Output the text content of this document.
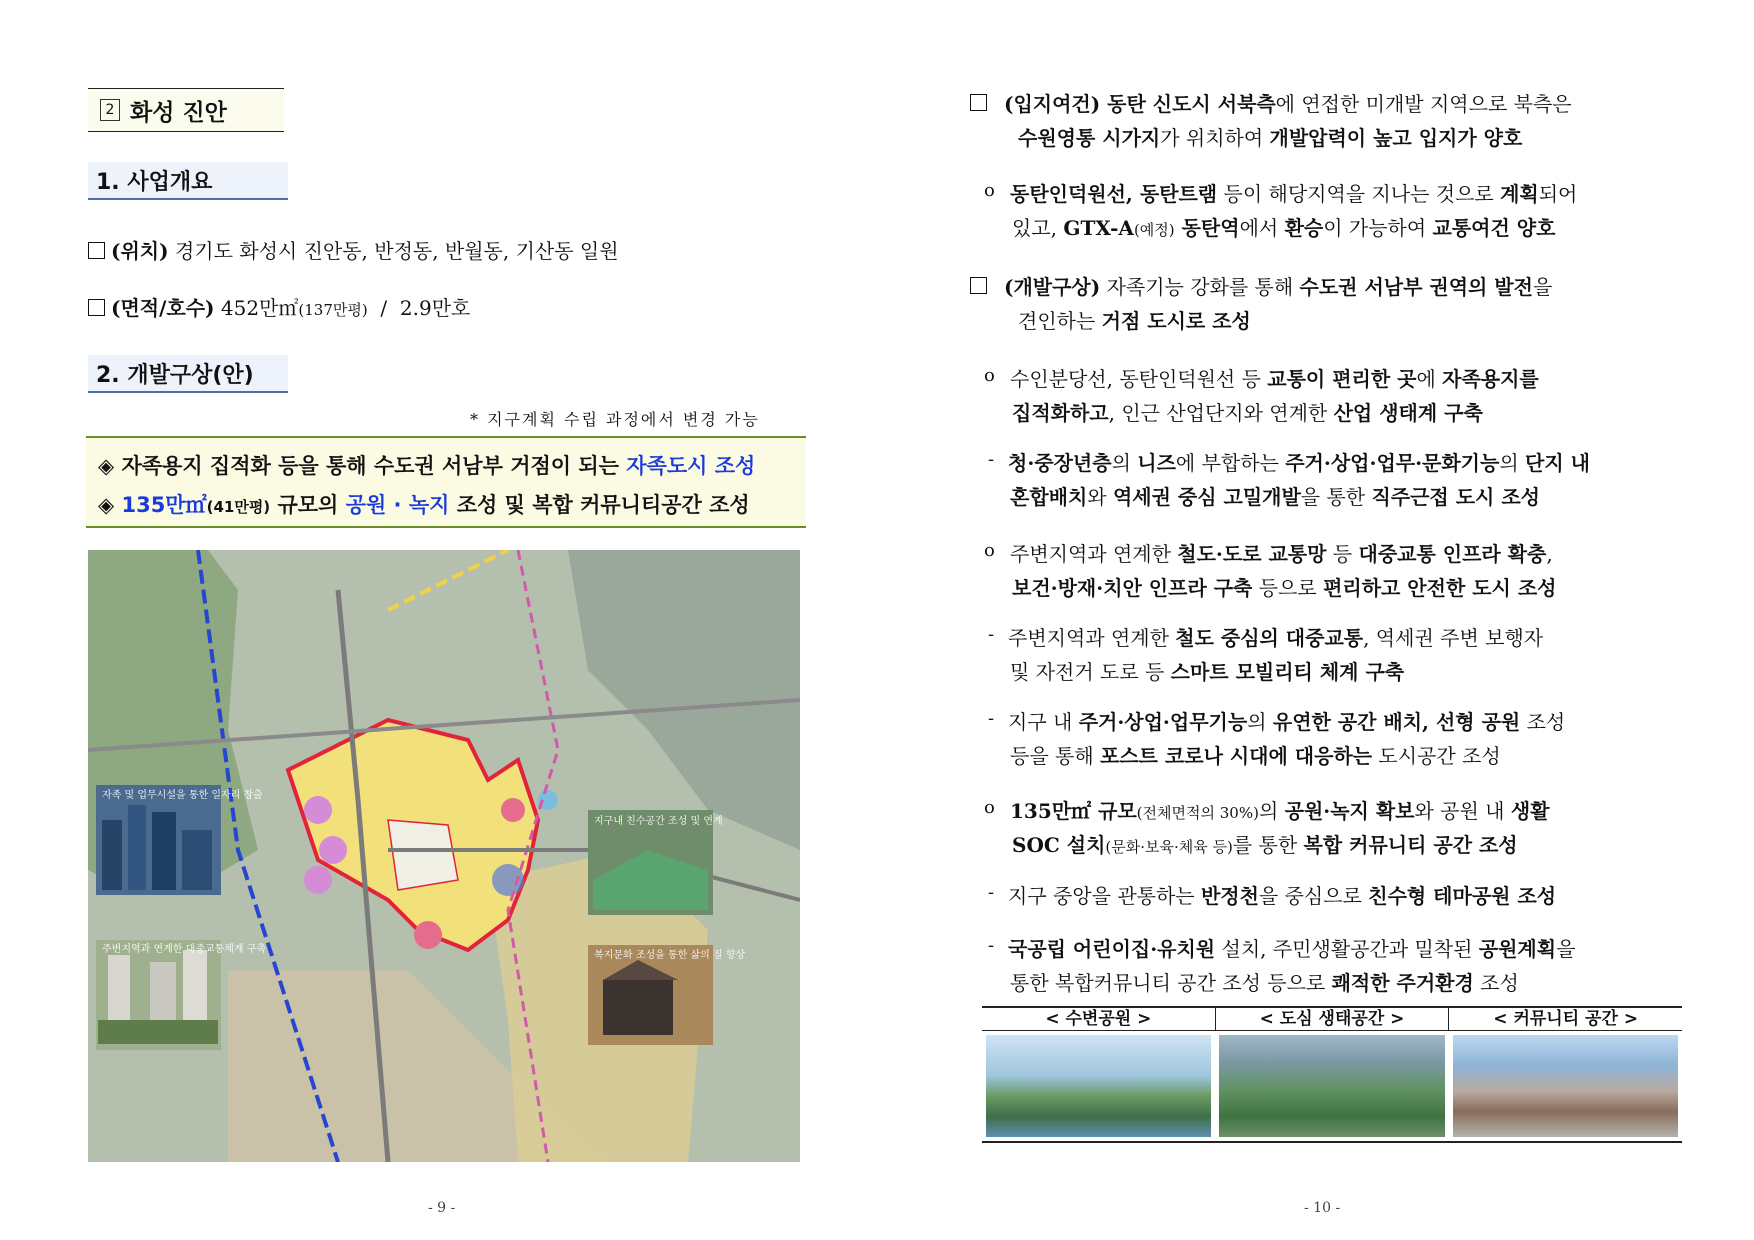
2 화성 진안
1. 사업개요
(위치) 경기도 화성시 진안동, 반정동, 반월동, 기산동 일원
(면적/호수) 452만㎡(137만평) / 2.9만호
2. 개발구상(안)
* 지구계획 수립 과정에서 변경 가능
◈ 자족용지 집적화 등을 통해 수도권 서남부 거점이 되는 자족도시 조성
◈ 135만㎡(41만평) 규모의 공원 · 녹지 조성 및 복합 커뮤니티공간 조성
자족 및 업무시설을 통한 일자리 창출
주변지역과 연계한 대중교통체계 구축
지구내 친수공간 조성 및 연계
복지문화 조성을 통한 삶의 질 향상
- 9 -
(입지여건) 동탄 신도시 서북측에 연접한 미개발 지역으로 북측은
수원영통 시가지가 위치하여 개발압력이 높고 입지가 양호
o 동탄인덕원선, 동탄트램 등이 해당지역을 지나는 것으로 계획되어
있고, GTX-A(예정) 동탄역에서 환승이 가능하여 교통여건 양호
(개발구상) 자족기능 강화를 통해 수도권 서남부 권역의 발전을
견인하는 거점 도시로 조성
o 수인분당선, 동탄인덕원선 등 교통이 편리한 곳에 자족용지를
집적화하고, 인근 산업단지와 연계한 산업 생태계 구축
- 청·중장년층의 니즈에 부합하는 주거·상업·업무·문화기능의 단지 내
혼합배치와 역세권 중심 고밀개발을 통한 직주근접 도시 조성
o 주변지역과 연계한 철도·도로 교통망 등 대중교통 인프라 확충,
보건·방재·치안 인프라 구축 등으로 편리하고 안전한 도시 조성
- 주변지역과 연계한 철도 중심의 대중교통, 역세권 주변 보행자
및 자전거 도로 등 스마트 모빌리티 체계 구축
- 지구 내 주거·상업·업무기능의 유연한 공간 배치, 선형 공원 조성
등을 통해 포스트 코로나 시대에 대응하는 도시공간 조성
o 135만㎡ 규모(전체면적의 30%)의 공원·녹지 확보와 공원 내 생활
SOC 설치(문화·보육·체육 등)를 통한 복합 커뮤니티 공간 조성
- 지구 중앙을 관통하는 반정천을 중심으로 친수형 테마공원 조성
- 국공립 어린이집·유치원 설치, 주민생활공간과 밀착된 공원계획을
통한 복합커뮤니티 공간 조성 등으로 쾌적한 주거환경 조성
< 수변공원 >	< 도심 생태공간 >	< 커뮤니티 공간 >
- 10 -
